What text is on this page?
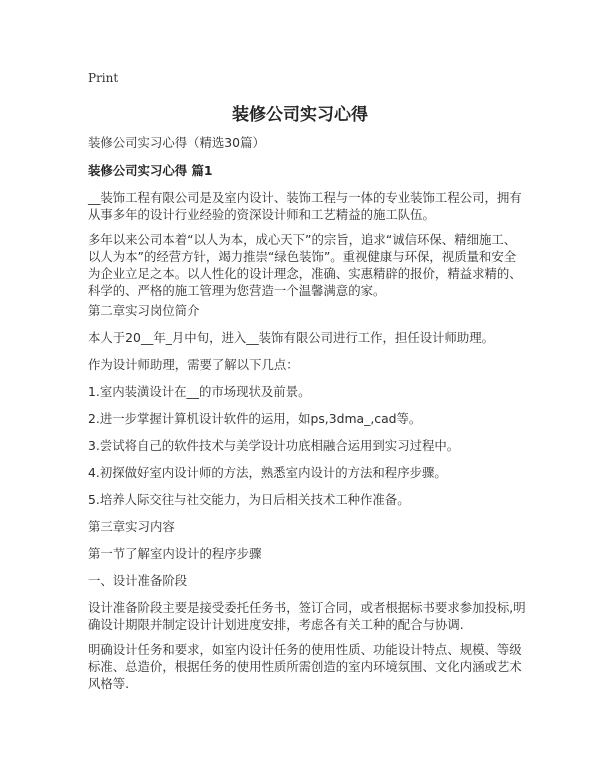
Print
装修公司实习心得
装修公司实习心得（精选30篇）
装修公司实习心得 篇1
__装饰工程有限公司是及室内设计、装饰工程与一体的专业装饰工程公司，拥有从事多年的设计行业经验的资深设计师和工艺精益的施工队伍。
多年以来公司本着“以人为本，成心天下”的宗旨，追求“诚信环保、精细施工、以人为本”的经营方针，竭力推崇“绿色装饰”。重视健康与环保，视质量和安全为企业立足之本。以人性化的设计理念，准确、实惠精辟的报价，精益求精的、科学的、严格的施工管理为您营造一个温馨满意的家。
第二章实习岗位简介
本人于20__年_月中旬，进入__装饰有限公司进行工作，担任设计师助理。
作为设计师助理，需要了解以下几点：
1.室内装潢设计在__的市场现状及前景。
2.进一步掌握计算机设计软件的运用，如ps,3dma_,cad等。
3.尝试将自己的软件技术与美学设计功底相融合运用到实习过程中。
4.初探做好室内设计师的方法，熟悉室内设计的方法和程序步骤。
5.培养人际交往与社交能力，为日后相关技术工种作准备。
第三章实习内容
第一节了解室内设计的程序步骤
一、设计准备阶段
设计准备阶段主要是接受委托任务书，签订合同，或者根据标书要求参加投标,明确设计期限并制定设计计划进度安排，考虑各有关工种的配合与协调.
明确设计任务和要求，如室内设计任务的使用性质、功能设计特点、规模、等级标准、总造价，根据任务的使用性质所需创造的室内环境氛围、文化内涵或艺术风格等.
